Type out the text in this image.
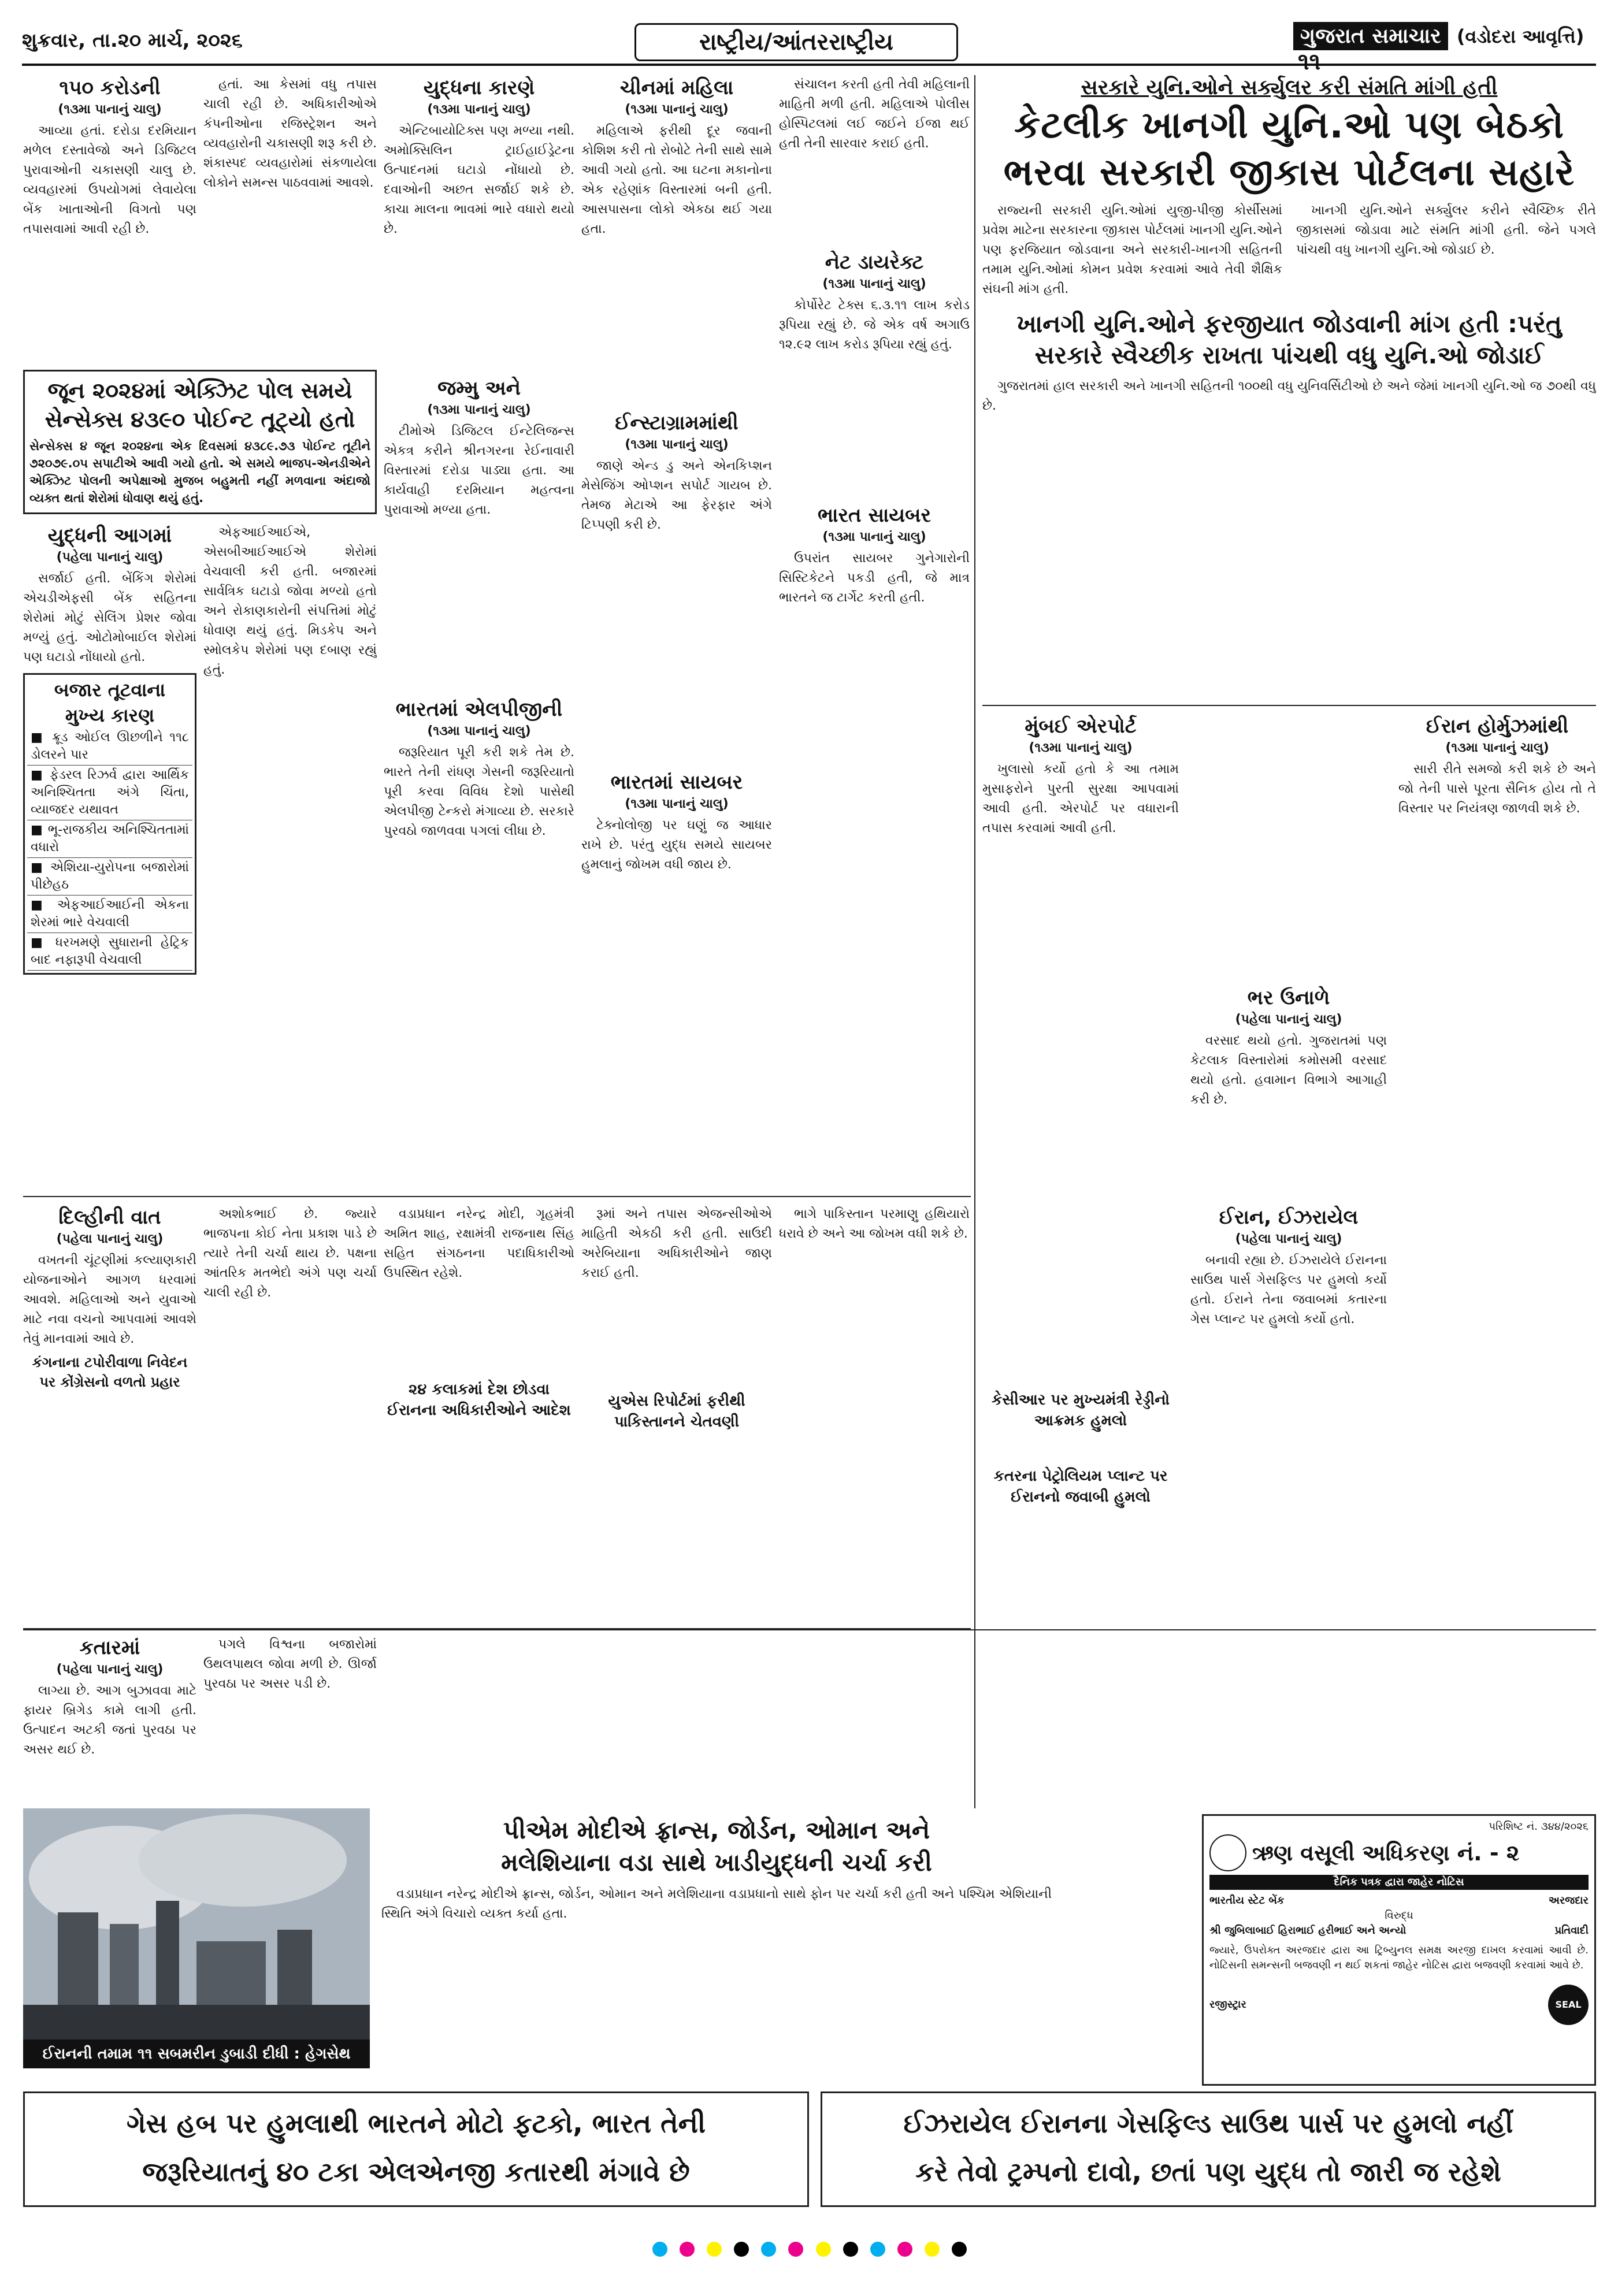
શુક્રવાર, તા.૨૦ માર્ચ, ૨૦૨૬	રાષ્ટ્રીય/આંતરરાષ્ટ્રીય	ગુજરાત સમાચાર (વડોદરા આવૃત્તિ) ૧૧
૧૫૦ કરોડની
(૧૩મા પાનાનું ચાલુ)

આવ્યા હતાં. દરોડા દરમિયાન મળેલ દસ્તાવેજો અને ડિજિટલ પુરાવાઓની ચકાસણી ચાલુ છે. વ્યવહારમાં ઉપયોગમાં લેવાયેલા બેંક ખાતાઓની વિગતો પણ તપાસવામાં આવી રહી છે.

હતાં. આ કેસમાં વધુ તપાસ ચાલી રહી છે. અધિકારીઓએ કંપનીઓના રજિસ્ટ્રેશન અને વ્યવહારોની ચકાસણી શરૂ કરી છે. શંકાસ્પદ વ્યવહારોમાં સંકળાયેલા લોકોને સમન્સ પાઠવવામાં આવશે.

જૂન ૨૦૨૪માં એક્ઝિટ પોલ સમયે સેન્સેક્સ ૪૩૯૦ પોઈન્ટ તૂટ્યો હતો
સેન્સેક્સ ૪ જૂન ૨૦૨૪ના એક દિવસમાં ૪૩૮૯.૭૩ પોઈન્ટ તૂટીને ૭૨૦૭૯.૦૫ સપાટીએ આવી ગયો હતો. એ સમયે ભાજપ-એનડીએને એક્ઝિટ પોલની અપેક્ષાઓ મુજબ બહુમતી નહીં મળવાના અંદાજો વ્યક્ત થતાં શેરોમાં ધોવાણ થયું હતું.
યુદ્ધની આગમાં
(પહેલા પાનાનું ચાલુ)

સર્જાઈ હતી. બેંકિંગ શેરોમાં એચડીએફસી બેંક સહિતના શેરોમાં મોટું સેલિંગ પ્રેશર જોવા મળ્યું હતું. ઓટોમોબાઈલ શેરોમાં પણ ઘટાડો નોંધાયો હતો.

બજાર તૂટવાના
મુખ્ય કારણ
■ ક્રૂડ ઓઈલ ઊછળીને ૧૧૮ ડોલરને પાર
■ ફેડરલ રિઝર્વ દ્વારા આર્થિક અનિશ્ચિતતા અંગે ચિંતા, વ્યાજદર યથાવત
■ ભૂ-રાજકીય અનિશ્ચિતતામાં વધારો
■ એશિયા-યુરોપના બજારોમાં પીછેહઠ
■ એફઆઈઆઈની એકના શેરમાં ભારે વેચવાલી
■ ધરખમણે સુધારાની હેટ્રિક બાદ નફારૂપી વેચવાલી

એફઆઈઆઈએ, એસબીઆઈઆઈએ શેરોમાં વેચવાલી કરી હતી. બજારમાં સાર્વત્રિક ઘટાડો જોવા મળ્યો હતો અને રોકાણકારોની સંપત્તિમાં મોટું ધોવાણ થયું હતું. મિડકેપ અને સ્મોલકેપ શેરોમાં પણ દબાણ રહ્યું હતું.

દિલ્હીની વાત
(પહેલા પાનાનું ચાલુ)

વખતની ચૂંટણીમાં કલ્યાણકારી યોજનાઓને આગળ ધરવામાં આવશે. મહિલાઓ અને યુવાઓ માટે નવા વચનો આપવામાં આવશે તેવું માનવામાં આવે છે.

કંગનાના ટપોરીવાળા નિવેદન પર કોંગ્રેસનો વળતો પ્રહાર

અશોકભાઈ છે. જ્યારે ભાજપના કોઈ નેતા પ્રકાશ પાડે છે ત્યારે તેની ચર્ચા થાય છે. પક્ષના આંતરિક મતભેદો અંગે પણ ચર્ચા ચાલી રહી છે.

કતારમાં
(પહેલા પાનાનું ચાલુ)

લાગ્યા છે. આગ બુઝાવવા માટે ફાયર બ્રિગેડ કામે લાગી હતી. ઉત્પાદન અટકી જતાં પુરવઠા પર અસર થઈ છે.

પગલે વિશ્વના બજારોમાં ઉથલપાથલ જોવા મળી છે. ઊર્જા પુરવઠા પર અસર પડી છે.

યુદ્ધના કારણે
(૧૩મા પાનાનું ચાલુ)

એન્ટિબાયોટિક્સ પણ મળ્યા નથી. અમોક્સિલિન ટ્રાઈહાઈડ્રેટના ઉત્પાદનમાં ઘટાડો નોંધાયો છે. દવાઓની અછત સર્જાઈ શકે છે. કાચા માલના ભાવમાં ભારે વધારો થયો છે.

જમ્મુ અને
(૧૩મા પાનાનું ચાલુ)

ટીમોએ ડિજિટલ ઈન્ટેલિજન્સ એકત્ર કરીને શ્રીનગરના રેઈનાવારી વિસ્તારમાં દરોડા પાડ્યા હતા. આ કાર્યવાહી દરમિયાન મહત્વના પુરાવાઓ મળ્યા હતા.

ભારતમાં એલપીજીની
(૧૩મા પાનાનું ચાલુ)

જરૂરિયાત પૂરી કરી શકે તેમ છે. ભારતે તેની રાંધણ ગેસની જરૂરિયાતો પૂરી કરવા વિવિધ દેશો પાસેથી એલપીજી ટેન્કરો મંગાવ્યા છે. સરકારે પુરવઠો જાળવવા પગલાં લીધા છે.

વડાપ્રધાન નરેન્દ્ર મોદી, ગૃહમંત્રી અમિત શાહ, રક્ષામંત્રી રાજનાથ સિંહ સહિત સંગઠનના પદાધિકારીઓ ઉપસ્થિત રહેશે.

૨૪ કલાકમાં દેશ છોડવા ઈરાનના અધિકારીઓને આદેશ
ચીનમાં મહિલા
(૧૩મા પાનાનું ચાલુ)

મહિલાએ ફરીથી દૂર જવાની કોશિશ કરી તો રોબોટે તેની સાથે સામે આવી ગયો હતો. આ ઘટના મકાનોના એક રહેણાંક વિસ્તારમાં બની હતી. આસપાસના લોકો એકઠા થઈ ગયા હતા.

ઈન્સ્ટાગ્રામમાંથી
(૧૩મા પાનાનું ચાલુ)

જાણે એન્ડ ડુ અને એનકિપ્શન મેસેજિંગ ઓપ્શન સપોર્ટ ગાયબ છે. તેમજ મેટાએ આ ફેરફાર અંગે ટિપ્પણી કરી છે.

ભારતમાં સાયબર
(૧૩મા પાનાનું ચાલુ)

ટેક્નોલોજી પર ઘણું જ આધાર રાખે છે. પરંતુ યુદ્ધ સમયે સાયબર હુમલાનું જોખમ વધી જાય છે.

રૂમાં અને તપાસ એજન્સીઓએ માહિતી એકઠી કરી હતી. સાઉદી અરેબિયાના અધિકારીઓને જાણ કરાઈ હતી.

યુએસ રિપોર્ટમાં ફરીથી પાકિસ્તાનને ચેતવણી

સંચાલન કરતી હતી તેવી મહિલાની માહિતી મળી હતી. મહિલાએ પોલીસ હોસ્પિટલમાં લઈ જઈને ઈજા થઈ હતી તેની સારવાર કરાઈ હતી.

નેટ ડાયરેક્ટ
(૧૩મા પાનાનું ચાલુ)

કોર્પોરેટ ટેક્સ ૬.૩.૧૧ લાખ કરોડ રૂપિયા રહ્યું છે. જે એક વર્ષ અગાઉ ૧૨.૯૨ લાખ કરોડ રૂપિયા રહ્યું હતું.

ભારત સાયબર
(૧૩મા પાનાનું ચાલુ)

ઉપરાંત સાયબર ગુનેગારોની સિસ્ટિકેટને પકડી હતી, જે માત્ર ભારતને જ ટાર્ગેટ કરતી હતી.

ભાગે પાકિસ્તાન પરમાણુ હથિયારો ધરાવે છે અને આ જોખમ વધી શકે છે.

સરકારે યુનિ.ઓને સર્ક્યુલર કરી સંમતિ માંગી હતી
કેટલીક ખાનગી યુનિ.ઓ પણ બેઠકો
ભરવા સરકારી જીકાસ પોર્ટલના સહારે

રાજ્યની સરકારી યુનિ.ઓમાં યુજી-પીજી કોર્સીસમાં પ્રવેશ માટેના સરકારના જીકાસ પોર્ટલમાં ખાનગી યુનિ.ઓને પણ ફરજિયાત જોડવાના અને સરકારી-ખાનગી સહિતની તમામ યુનિ.ઓમાં કોમન પ્રવેશ કરવામાં આવે તેવી શૈક્ષિક સંઘની માંગ હતી.

ખાનગી યુનિ.ઓને સર્ક્યુલર કરીને સ્વૈચ્છિક રીતે જીકાસમાં જોડાવા માટે સંમતિ માંગી હતી. જેને પગલે પાંચથી વધુ ખાનગી યુનિ.ઓ જોડાઈ છે.

ખાનગી યુનિ.ઓને ફરજીયાત જોડવાની માંગ હતી :પરંતુ
સરકારે સ્વૈચ્છીક રાખતા પાંચથી વધુ યુનિ.ઓ જોડાઈ

ગુજરાતમાં હાલ સરકારી અને ખાનગી સહિતની ૧૦૦થી વધુ યુનિવર્સિટીઓ છે અને જેમાં ખાનગી યુનિ.ઓ જ ૭૦થી વધુ છે.

મુંબઈ એરપોર્ટ
(૧૩મા પાનાનું ચાલુ)

ખુલાસો કર્યો હતો કે આ તમામ મુસાફરોને પુરતી સુરક્ષા આપવામાં આવી હતી. એરપોર્ટ પર વધારાની તપાસ કરવામાં આવી હતી.

ભર ઉનાળે
(પહેલા પાનાનું ચાલુ)

વરસાદ થયો હતો. ગુજરાતમાં પણ કેટલાક વિસ્તારોમાં કમોસમી વરસાદ થયો હતો. હવામાન વિભાગે આગાહી કરી છે.

ઈરાન હોર્મુઝમાંથી
(૧૩મા પાનાનું ચાલુ)

સારી રીતે સમજો કરી શકે છે અને જો તેની પાસે પૂરતા સૈનિક હોય તો તે વિસ્તાર પર નિયંત્રણ જાળવી શકે છે.

કેસીઆર પર મુખ્યમંત્રી રેડ્ડીનો આક્રમક હુમલો
કતરના પેટ્રોલિયમ પ્લાન્ટ પર ઈરાનનો જવાબી હુમલો
ઈરાન, ઈઝરાયેલ
(પહેલા પાનાનું ચાલુ)

બનાવી રહ્યા છે. ઈઝરાયેલે ઈરાનના સાઉથ પાર્સ ગેસફિલ્ડ પર હુમલો કર્યો હતો. ઈરાને તેના જવાબમાં કતારના ગેસ પ્લાન્ટ પર હુમલો કર્યો હતો.

ઈરાનની તમામ ૧૧ સબમરીન ડુબાડી દીધી : હેગસેથ
પીએમ મોદીએ ફ્રાન્સ, જોર્ડન, ઓમાન અને
મલેશિયાના વડા સાથે ખાડીયુદ્ધની ચર્ચા કરી
વડાપ્રધાન નરેન્દ્ર મોદીએ ફ્રાન્સ, જોર્ડન, ઓમાન અને મલેશિયાના વડાપ્રધાનો સાથે ફોન પર ચર્ચા કરી હતી અને પશ્ચિમ એશિયાની સ્થિતિ અંગે વિચારો વ્યક્ત કર્યા હતા.
પરિશિષ્ટ નં. ૩૪૪/૨૦૨૬
ઋણ વસૂલી અધિકરણ નં. - ૨
દૈનિક પત્રક દ્વારા જાહેર નોટિસ
ભારતીય સ્ટેટ બેંક	અરજદાર
વિરુદ્ધ
શ્રી જુબિલાબાઈ હિરાભાઈ હરીભાઈ અને અન્યો	પ્રતિવાદી
જ્યારે, ઉપરોક્ત અરજદાર દ્વારા આ ટ્રિબ્યુનલ સમક્ષ અરજી દાખલ કરવામાં આવી છે. નોટિસની સમન્સની બજવણી ન થઈ શકતાં જાહેર નોટિસ દ્વારા બજવણી કરવામાં આવે છે.
રજીસ્ટ્રાર	SEAL
ગેસ હબ પર હુમલાથી ભારતને મોટો ફટકો, ભારત તેની
જરૂરિયાતનું ૪૦ ટકા એલએનજી કતારથી મંગાવે છે
ઈઝરાયેલ ઈરાનના ગેસફિલ્ડ સાઉથ પાર્સ પર હુમલો નહીં
કરે તેવો ટ્રમ્પનો દાવો, છતાં પણ યુદ્ધ તો જારી જ રહેશે
